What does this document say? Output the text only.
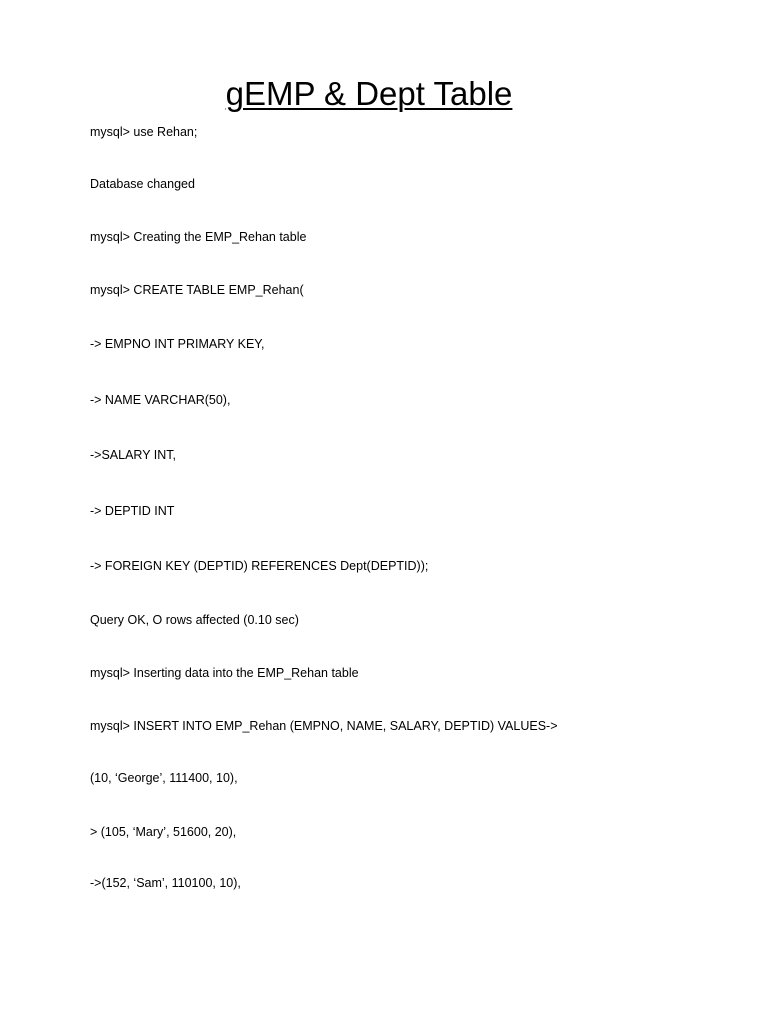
gEMP & Dept Table

mysql> use Rehan;

Database changed

mysql> Creating the EMP_Rehan table

mysql> CREATE TABLE EMP_Rehan(

-> EMPNO INT PRIMARY KEY,

-> NAME VARCHAR(50),

->SALARY INT,

-> DEPTID INT

-> FOREIGN KEY (DEPTID) REFERENCES Dept(DEPTID));

Query OK, O rows affected (0.10 sec)

mysql> Inserting data into the EMP_Rehan table

mysql> INSERT INTO EMP_Rehan (EMPNO, NAME, SALARY, DEPTID) VALUES->

(10, ‘George’, 111400, 10),

> (105, ‘Mary’, 51600, 20),

->(152, ‘Sam’, 110100, 10),
